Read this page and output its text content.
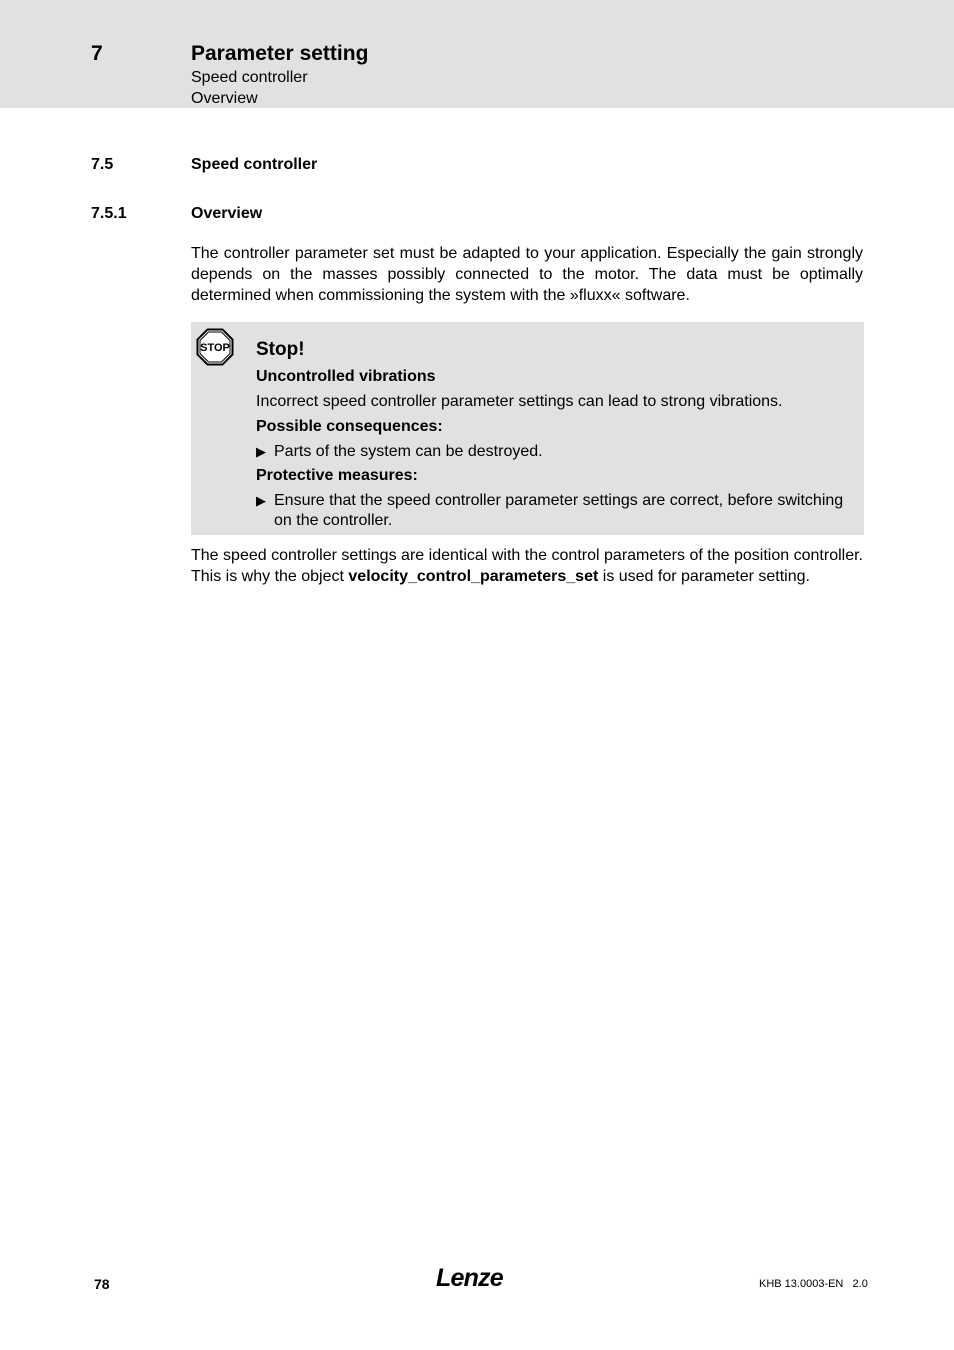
7	Parameter setting
Speed controller
Overview
7.5	Speed controller
7.5.1	Overview

The controller parameter set must be adapted to your application. Especially the gain strongly depends on the masses possibly connected to the motor. The data must be optimally determined when commissioning the system with the »fluxx« software.

STOP Stop!
Uncontrolled vibrations
Incorrect speed controller parameter settings can lead to strong vibrations.
Possible consequences:
▶ Parts of the system can be destroyed.
Protective measures:
▶ Ensure that the speed controller parameter settings are correct, before switching on the controller.

The speed controller settings are identical with the control parameters of the position controller. This is why the object velocity_control_parameters_set is used for parameter setting.

78	Lenze	KHB 13.0003-EN   2.0
